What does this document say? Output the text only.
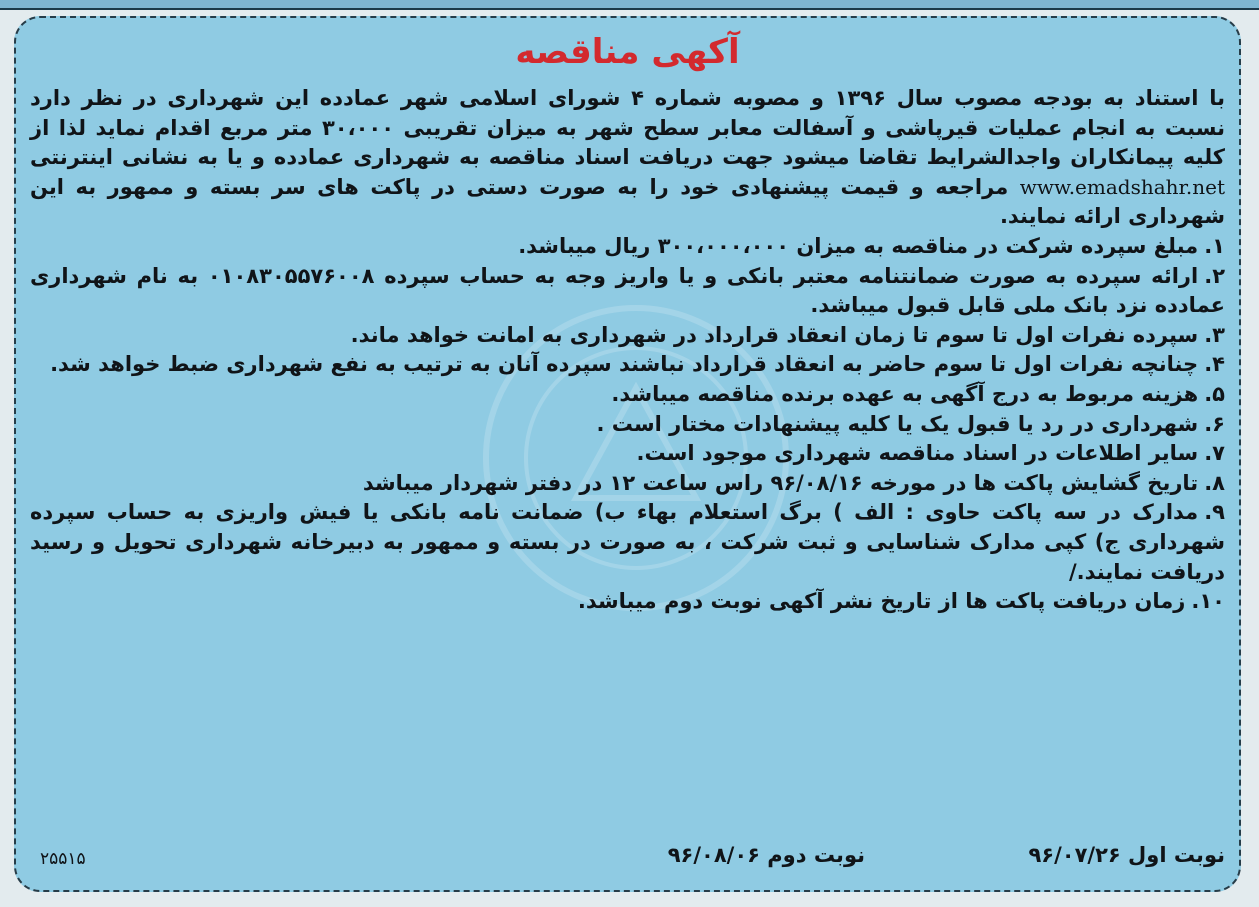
آکهی مناقصه

با استناد به بودجه مصوب سال ۱۳۹۶ و مصوبه شماره ۴ شورای اسلامی شهر عمادده این شهرداری در نظر دارد نسبت به انجام عملیات قیرپاشی و آسفالت معابر سطح شهر به میزان تقریبی ۳۰،۰۰۰ متر مربع اقدام نماید لذا از کلیه پیمانکاران واجدالشرایط تقاضا میشود جهت دریافت اسناد مناقصه به شهرداری عمادده و یا به نشانی اینترنتی www.emadshahr.net مراجعه و قیمت پیشنهادی خود را به صورت دستی در پاکت های سر بسته و ممهور به این شهرداری ارائه نمایند.

۱.مبلغ سپرده شرکت در مناقصه به میزان ۳۰۰،۰۰۰،۰۰۰ ریال میباشد.

۲.ارائه سپرده به صورت ضمانتنامه معتبر بانکی و یا واریز وجه به حساب سپرده ۰۱۰۸۳۰۵۵۷۶۰۰۸ به نام شهرداری عمادده نزد بانک ملی قابل قبول میباشد.

۳.سپرده نفرات اول تا سوم تا زمان انعقاد قرارداد در شهرداری به امانت خواهد ماند.

۴.چنانچه نفرات اول تا سوم حاضر به انعقاد قرارداد نباشند سپرده آنان به ترتیب به نفع شهرداری ضبط خواهد شد.

۵.هزینه مربوط به درج آگهی به عهده برنده مناقصه میباشد.

۶.شهرداری در رد یا قبول یک یا کلیه پیشنهادات مختار است .

۷.سایر اطلاعات در اسناد مناقصه شهرداری موجود است.

۸.تاریخ گشایش پاکت ها در مورخه ۹۶/۰۸/۱۶ راس ساعت ۱۲ در دفتر شهردار میباشد

۹.مدارک در سه پاکت حاوی : الف ) برگ استعلام بهاء ب) ضمانت نامه بانکی یا فیش واریزی به حساب سپرده شهرداری ج) کپی مدارک شناسایی و ثبت شرکت ، به صورت در بسته و ممهور به دبیرخانه شهرداری تحویل و رسید دریافت نمایند./

۱۰.زمان دریافت پاکت ها از تاریخ نشر آکهی نوبت دوم میباشد.

نوبت اول ۹۶/۰۷/۲۶
نوبت دوم ۹۶/۰۸/۰۶
۲۵۵۱۵
